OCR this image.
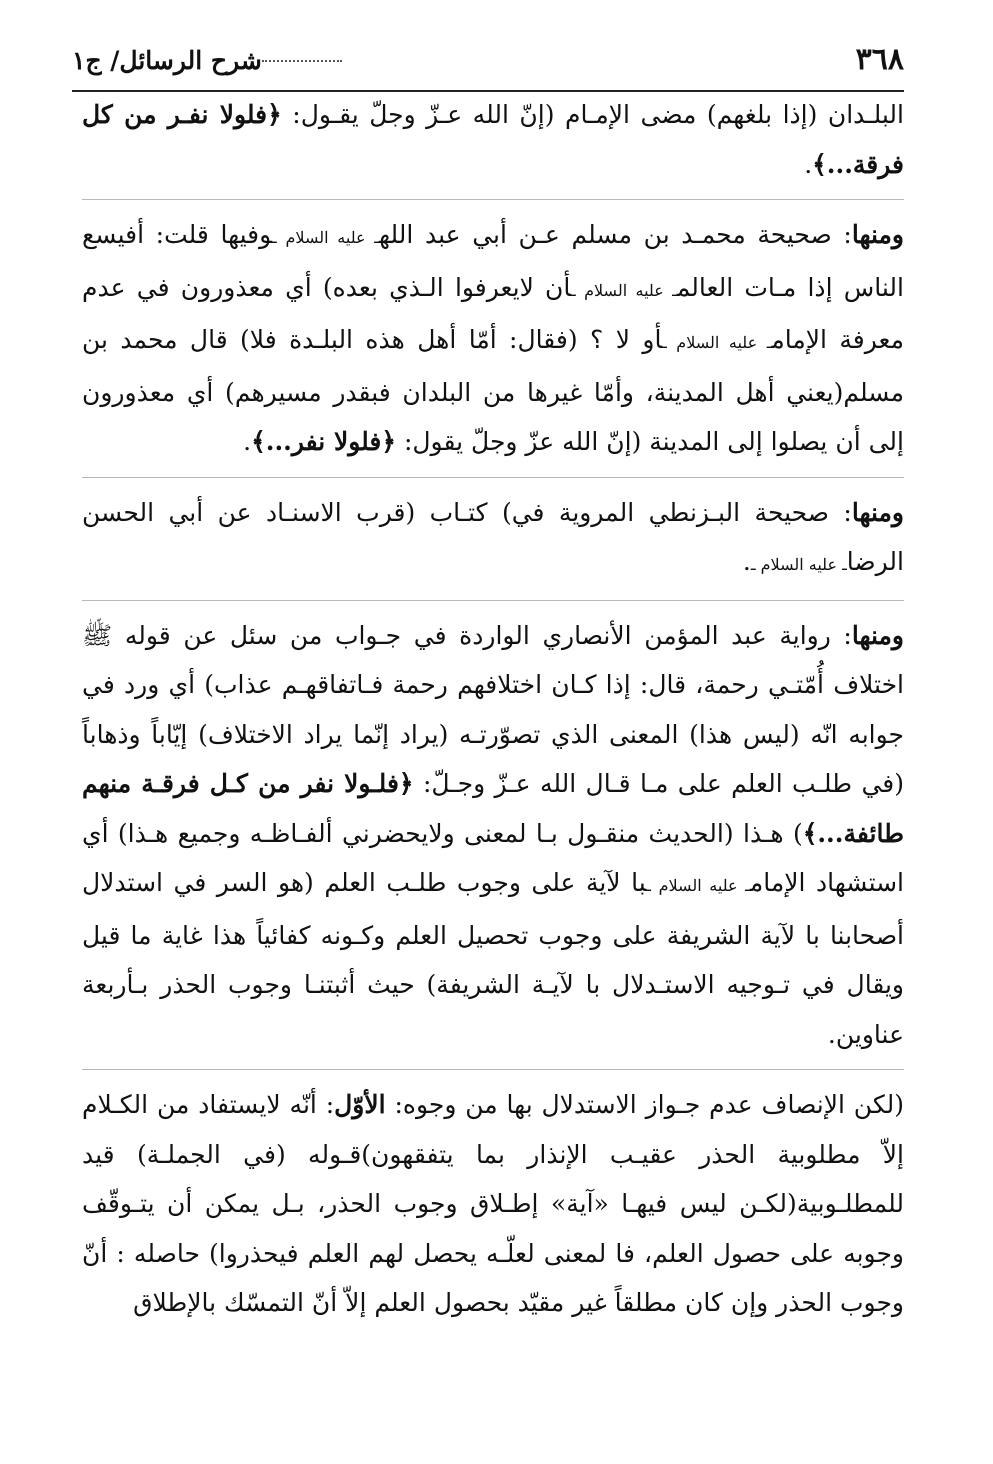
٣٦٨
شرح الرسائل/ ج١

البلـدان (إذا بلغهم) مضى الإمـام (إنّ الله عـزّ وجلّ يقـول: ﴿فلولا نفـر من كل فرقة...﴾.

ومنها: صحيحة محمـد بن مسلم عـن أبي عبد اللهـ عليه السلام ـوفيها قلت: أفيسع الناس إذا مـات العالمـ عليه السلام ـأن لايعرفوا الـذي بعده) أي معذورون في عدم معرفة الإمامـ عليه السلام ـأو لا ؟ (فقال: أمّا أهل هذه البلـدة فلا) قال محمد بن مسلم(يعني أهل المدينة، وأمّا غيرها من البلدان فبقدر مسيرهم) أي معذورون إلى أن يصلوا إلى المدينة (إنّ الله عزّ وجلّ يقول: ﴿فلولا نفر...﴾.

ومنها: صحيحة البـزنطي المروية في) كتـاب (قرب الاسنـاد عن أبي الحسن الرضاـ عليه السلام ـ.

ومنها: رواية عبد المؤمن الأنصاري الواردة في جـواب من سئل عن قوله ﷺ اختلاف أُمّتـي رحمة، قال: إذا كـان اختلافهم رحمة فـاتفاقهـم عذاب) أي ورد في جوابه انّه (ليس هذا) المعنى الذي تصوّرتـه (يراد إنّما يراد الاختلاف) إيّاباً وذهاباً (في طلـب العلم على مـا قـال الله عـزّ وجـلّ: ﴿فلـولا نفر من كـل فرقـة منهم طائفة...﴾) هـذا (الحديث منقـول بـا لمعنى ولايحضرني ألفـاظـه وجميع هـذا) أي استشهاد الإمامـ عليه السلام ـبا لآية على وجوب طلـب العلم (هو السر في استدلال أصحابنا با لآية الشريفة على وجوب تحصيل العلم وكـونه كفائياً هذا غاية ما قيل ويقال في تـوجيه الاستـدلال با لآيـة الشريفة) حيث أثبتنـا وجوب الحذر بـأربعة عناوين.

(لكن الإنصاف عدم جـواز الاستدلال بها من وجوه: الأوّل: أنّه لايستفاد من الكـلام إلاّ مطلوبية الحذر عقيـب الإنذار بما يتفقهون)قـوله (في الجملـة) قيد للمطلـوبية(لكـن ليس فيهـا «آية» إطـلاق وجوب الحذر، بـل يمكن أن يتـوقّف وجوبه على حصول العلم، فا لمعنى لعلّـه يحصل لهم العلم فيحذروا) حاصله : أنّ وجوب الحذر وإن كان مطلقاً غير مقيّد بحصول العلم إلاّ أنّ التمسّك بالإطلاق
